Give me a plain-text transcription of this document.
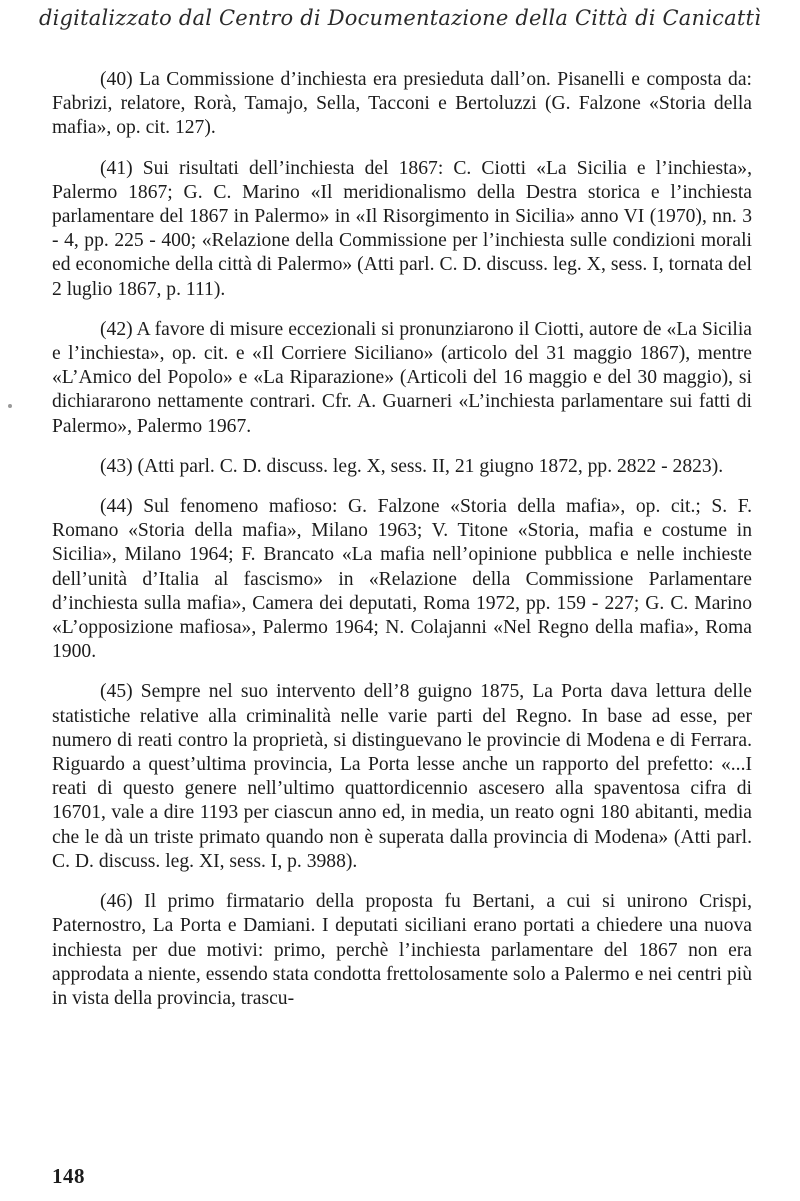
digitalizzato dal Centro di Documentazione della Città di Canicattì

(40) La Commissione d’inchiesta era presieduta dall’on. Pisanelli e composta da: Fabrizi, relatore, Rorà, Tamajo, Sella, Tacconi e Bertoluzzi (G. Falzone «Storia della mafia», op. cit. 127).

(41) Sui risultati dell’inchiesta del 1867: C. Ciotti «La Sicilia e l’inchiesta», Palermo 1867; G. C. Marino «Il meridionalismo della Destra storica e l’inchiesta parlamentare del 1867 in Palermo» in «Il Risorgimento in Sicilia» anno VI (1970), nn. 3 - 4, pp. 225 - 400; «Relazione della Commissione per l’inchiesta sulle condizioni morali ed economiche della città di Palermo» (Atti parl. C. D. discuss. leg. X, sess. I, tornata del 2 luglio 1867, p. 111).

(42) A favore di misure eccezionali si pronunziarono il Ciotti, autore de «La Sicilia e l’inchiesta», op. cit. e «Il Corriere Siciliano» (articolo del 31 maggio 1867), mentre «L’Amico del Popolo» e «La Riparazione» (Articoli del 16 maggio e del 30 maggio), si dichiararono nettamente contrari. Cfr. A. Guarneri «L’inchiesta parlamentare sui fatti di Palermo», Palermo 1967.

(43) (Atti parl. C. D. discuss. leg. X, sess. II, 21 giugno 1872, pp. 2822 - 2823).

(44) Sul fenomeno mafioso: G. Falzone «Storia della mafia», op. cit.; S. F. Romano «Storia della mafia», Milano 1963; V. Titone «Storia, mafia e costume in Sicilia», Milano 1964; F. Brancato «La mafia nell’opinione pubblica e nelle inchieste dell’unità d’Italia al fascismo» in «Relazione della Commissione Parlamentare d’inchiesta sulla mafia», Camera dei deputati, Roma 1972, pp. 159 - 227; G. C. Marino «L’opposizione mafiosa», Palermo 1964; N. Colajanni «Nel Regno della mafia», Roma 1900.

(45) Sempre nel suo intervento dell’8 guigno 1875, La Porta dava lettura delle statistiche relative alla criminalità nelle varie parti del Regno. In base ad esse, per numero di reati contro la proprietà, si distinguevano le provincie di Modena e di Ferrara. Riguardo a quest’ultima provincia, La Porta lesse anche un rapporto del prefetto: «...I reati di questo genere nell’ultimo quattordicennio ascesero alla spaventosa cifra di 16701, vale a dire 1193 per ciascun anno ed, in media, un reato ogni 180 abitanti, media che le dà un triste primato quando non è superata dalla provincia di Modena» (Atti parl. C. D. discuss. leg. XI, sess. I, p. 3988).

(46) Il primo firmatario della proposta fu Bertani, a cui si unirono Crispi, Paternostro, La Porta e Damiani. I deputati siciliani erano portati a chiedere una nuova inchiesta per due motivi: primo, perchè l’inchiesta parlamentare del 1867 non era approdata a niente, essendo stata condotta frettolosamente solo a Palermo e nei centri più in vista della provincia, trascu-

148
